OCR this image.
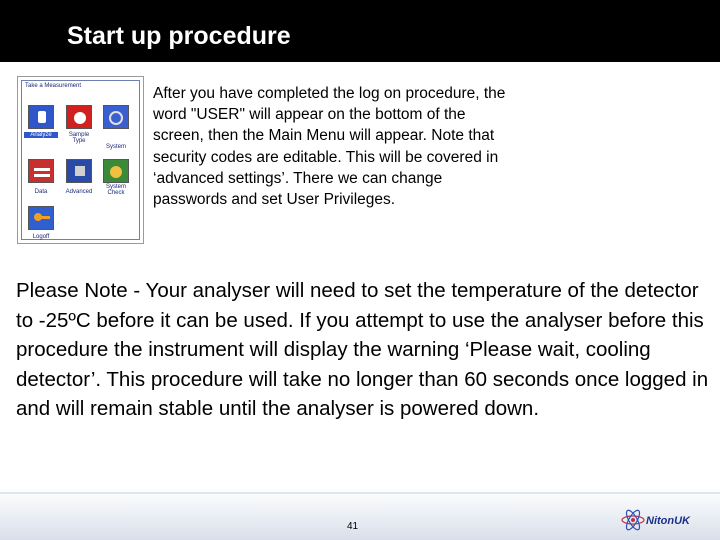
Start up procedure
Take a Measurement
Analyze	Sample Type
System
Data	Advanced
System Check
Logoff
After you have completed the log on procedure, the word "USER" will appear on the bottom of the screen, then the Main Menu will appear. Note that security codes are editable. This will be covered in ‘advanced settings’. There we can change passwords and set User Privileges.
Please Note - Your analyser will need to set the temperature of the detector to -25ºC before it can be used. If you attempt to use the analyser before this procedure the instrument will display the warning ‘Please wait, cooling detector’. This procedure will take no longer than 60 seconds once logged in and will remain stable until the analyser is powered down.
41	NitonUK
